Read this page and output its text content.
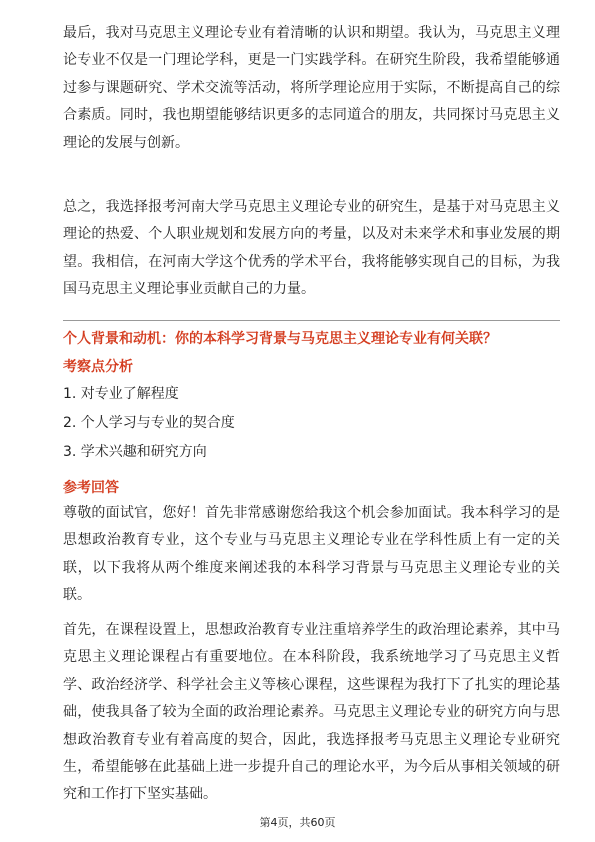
最后，我对马克思主义理论专业有着清晰的认识和期望。我认为，马克思主义理论专业不仅是一门理论学科，更是一门实践学科。在研究生阶段，我希望能够通过参与课题研究、学术交流等活动，将所学理论应用于实际，不断提高自己的综合素质。同时，我也期望能够结识更多的志同道合的朋友，共同探讨马克思主义理论的发展与创新。

总之，我选择报考河南大学马克思主义理论专业的研究生，是基于对马克思主义理论的热爱、个人职业规划和发展方向的考量，以及对未来学术和事业发展的期望。我相信，在河南大学这个优秀的学术平台，我将能够实现自己的目标，为我国马克思主义理论事业贡献自己的力量。

个人背景和动机：你的本科学习背景与马克思主义理论专业有何关联？

考察点分析

1. 对专业了解程度

2. 个人学习与专业的契合度

3. 学术兴趣和研究方向

参考回答

尊敬的面试官，您好！首先非常感谢您给我这个机会参加面试。我本科学习的是思想政治教育专业，这个专业与马克思主义理论专业在学科性质上有一定的关联，以下我将从两个维度来阐述我的本科学习背景与马克思主义理论专业的关联。

首先，在课程设置上，思想政治教育专业注重培养学生的政治理论素养，其中马克思主义理论课程占有重要地位。在本科阶段，我系统地学习了马克思主义哲学、政治经济学、科学社会主义等核心课程，这些课程为我打下了扎实的理论基础，使我具备了较为全面的政治理论素养。马克思主义理论专业的研究方向与思想政治教育专业有着高度的契合，因此，我选择报考马克思主义理论专业研究生，希望能够在此基础上进一步提升自己的理论水平，为今后从事相关领域的研究和工作打下坚实基础。

第4页，共60页
